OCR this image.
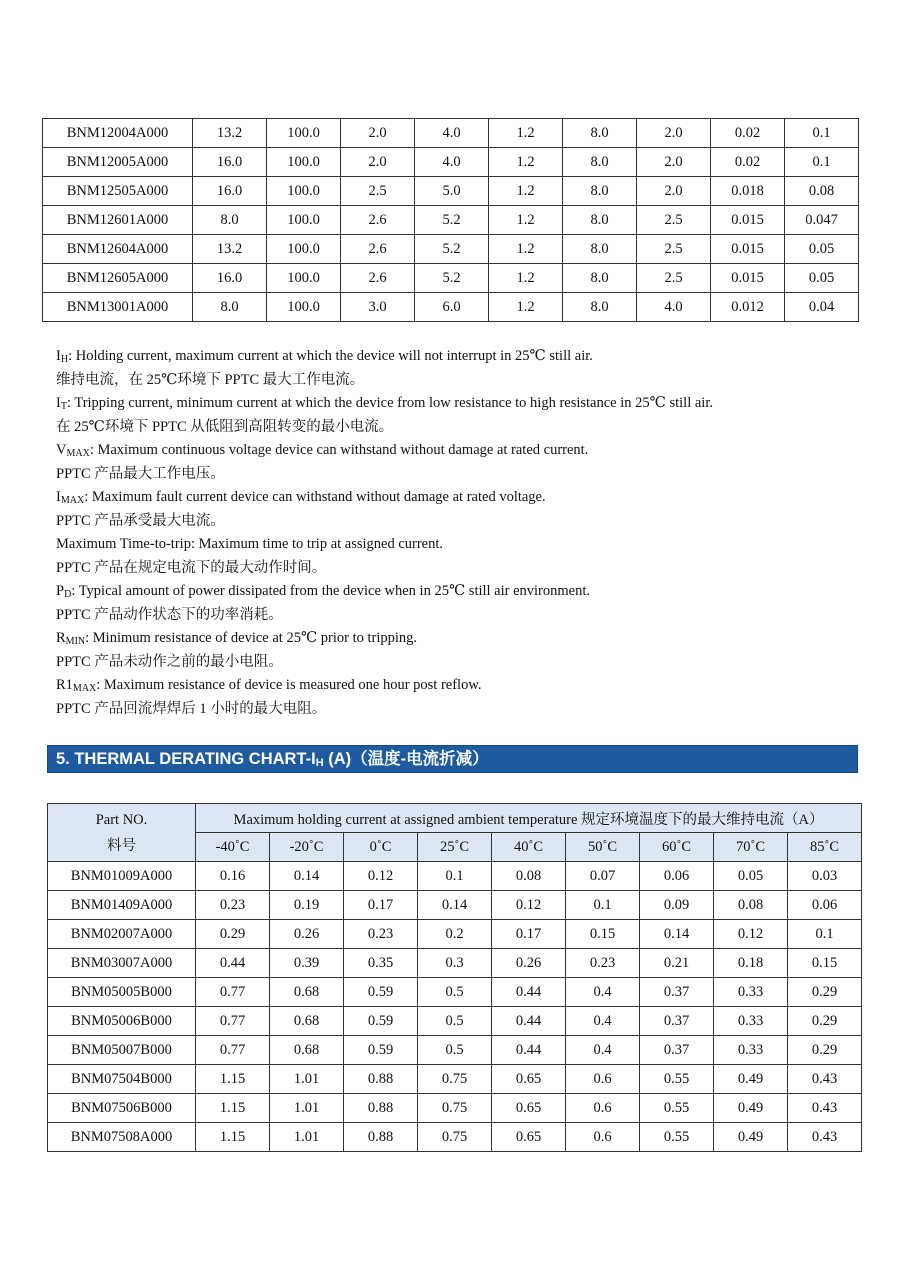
BNM12004A000	13.2	100.0	2.0	4.0	1.2	8.0	2.0	0.02	0.1
BNM12005A000	16.0	100.0	2.0	4.0	1.2	8.0	2.0	0.02	0.1
BNM12505A000	16.0	100.0	2.5	5.0	1.2	8.0	2.0	0.018	0.08
BNM12601A000	8.0	100.0	2.6	5.2	1.2	8.0	2.5	0.015	0.047
BNM12604A000	13.2	100.0	2.6	5.2	1.2	8.0	2.5	0.015	0.05
BNM12605A000	16.0	100.0	2.6	5.2	1.2	8.0	2.5	0.015	0.05
BNM13001A000	8.0	100.0	3.0	6.0	1.2	8.0	4.0	0.012	0.04

$I_H$: Holding current, maximum current at which the device will not interrupt in 25℃ still air.

维持电流，在 25℃环境下 PPTC 最大工作电流。

$I_T$: Tripping current, minimum current at which the device from low resistance to high resistance in 25℃ still air.

在 25℃环境下 PPTC 从低阻到高阻转变的最小电流。

$V_{MAX}$: Maximum continuous voltage device can withstand without damage at rated current.

PPTC 产品最大工作电压。

$I_{MAX}$: Maximum fault current device can withstand without damage at rated voltage.

PPTC 产品承受最大电流。

Maximum Time-to-trip: Maximum time to trip at assigned current.

PPTC 产品在规定电流下的最大动作时间。

$P_D$: Typical amount of power dissipated from the device when in 25℃ still air environment.

PPTC 产品动作状态下的功率消耗。

$R_{MIN}$: Minimum resistance of device at 25℃ prior to tripping.

PPTC 产品未动作之前的最小电阻。

$R1_{MAX}$: Maximum resistance of device is measured one hour post reflow.

PPTC 产品回流焊焊后 1 小时的最大电阻。

5. THERMAL DERATING CHART-$I_H$ (A)（温度-电流折减）
Part NO.
料号	Maximum holding current at assigned ambient temperature 规定环境温度下的最大维持电流（A）								
	-40˚C	-20˚C	0˚C	25˚C	40˚C	50˚C	60˚C	70˚C	85˚C
BNM01009A000	0.16	0.14	0.12	0.1	0.08	0.07	0.06	0.05	0.03
BNM01409A000	0.23	0.19	0.17	0.14	0.12	0.1	0.09	0.08	0.06
BNM02007A000	0.29	0.26	0.23	0.2	0.17	0.15	0.14	0.12	0.1
BNM03007A000	0.44	0.39	0.35	0.3	0.26	0.23	0.21	0.18	0.15
BNM05005B000	0.77	0.68	0.59	0.5	0.44	0.4	0.37	0.33	0.29
BNM05006B000	0.77	0.68	0.59	0.5	0.44	0.4	0.37	0.33	0.29
BNM05007B000	0.77	0.68	0.59	0.5	0.44	0.4	0.37	0.33	0.29
BNM07504B000	1.15	1.01	0.88	0.75	0.65	0.6	0.55	0.49	0.43
BNM07506B000	1.15	1.01	0.88	0.75	0.65	0.6	0.55	0.49	0.43
BNM07508A000	1.15	1.01	0.88	0.75	0.65	0.6	0.55	0.49	0.43
